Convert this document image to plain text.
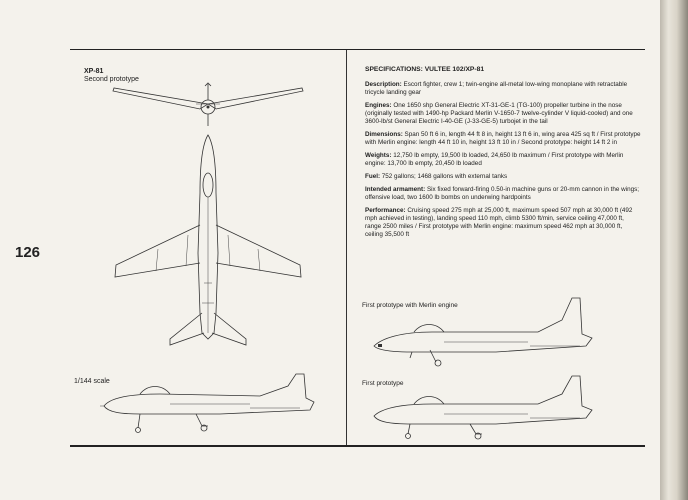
126
XP-81
Second prototype
1/144 scale
First prototype with Merlin engine
First prototype
SPECIFICATIONS: VULTEE 102/XP-81
Description: Escort fighter, crew 1; twin-engine all-metal low-wing monoplane with retractable tricycle landing gear
Engines: One 1650 shp General Electric XT-31-GE-1 (TG-100) propeller turbine in the nose (originally tested with 1490-hp Packard Merlin V-1650-7 twelve-cylinder V liquid-cooled) and one 3600-lb/st General Electric I-40-GE (J-33-GE-5) turbojet in the tail
Dimensions: Span 50 ft 6 in, length 44 ft 8 in, height 13 ft 6 in, wing area 425 sq ft / First prototype with Merlin engine: length 44 ft 10 in, height 13 ft 10 in / Second prototype: height 14 ft 2 in
Weights: 12,750 lb empty, 19,500 lb loaded, 24,650 lb maximum / First prototype with Merlin engine: 13,700 lb empty, 20,450 lb loaded
Fuel: 752 gallons; 1468 gallons with external tanks
Intended armament: Six fixed forward-firing 0.50-in machine guns or 20-mm cannon in the wings; offensive load, two 1600 lb bombs on underwing hardpoints
Performance: Cruising speed 275 mph at 25,000 ft, maximum speed 507 mph at 30,000 ft (492 mph achieved in testing), landing speed 110 mph, climb 5300 ft/min, service ceiling 47,000 ft, range 2500 miles / First prototype with Merlin engine: maximum speed 462 mph at 30,000 ft, ceiling 35,500 ft
